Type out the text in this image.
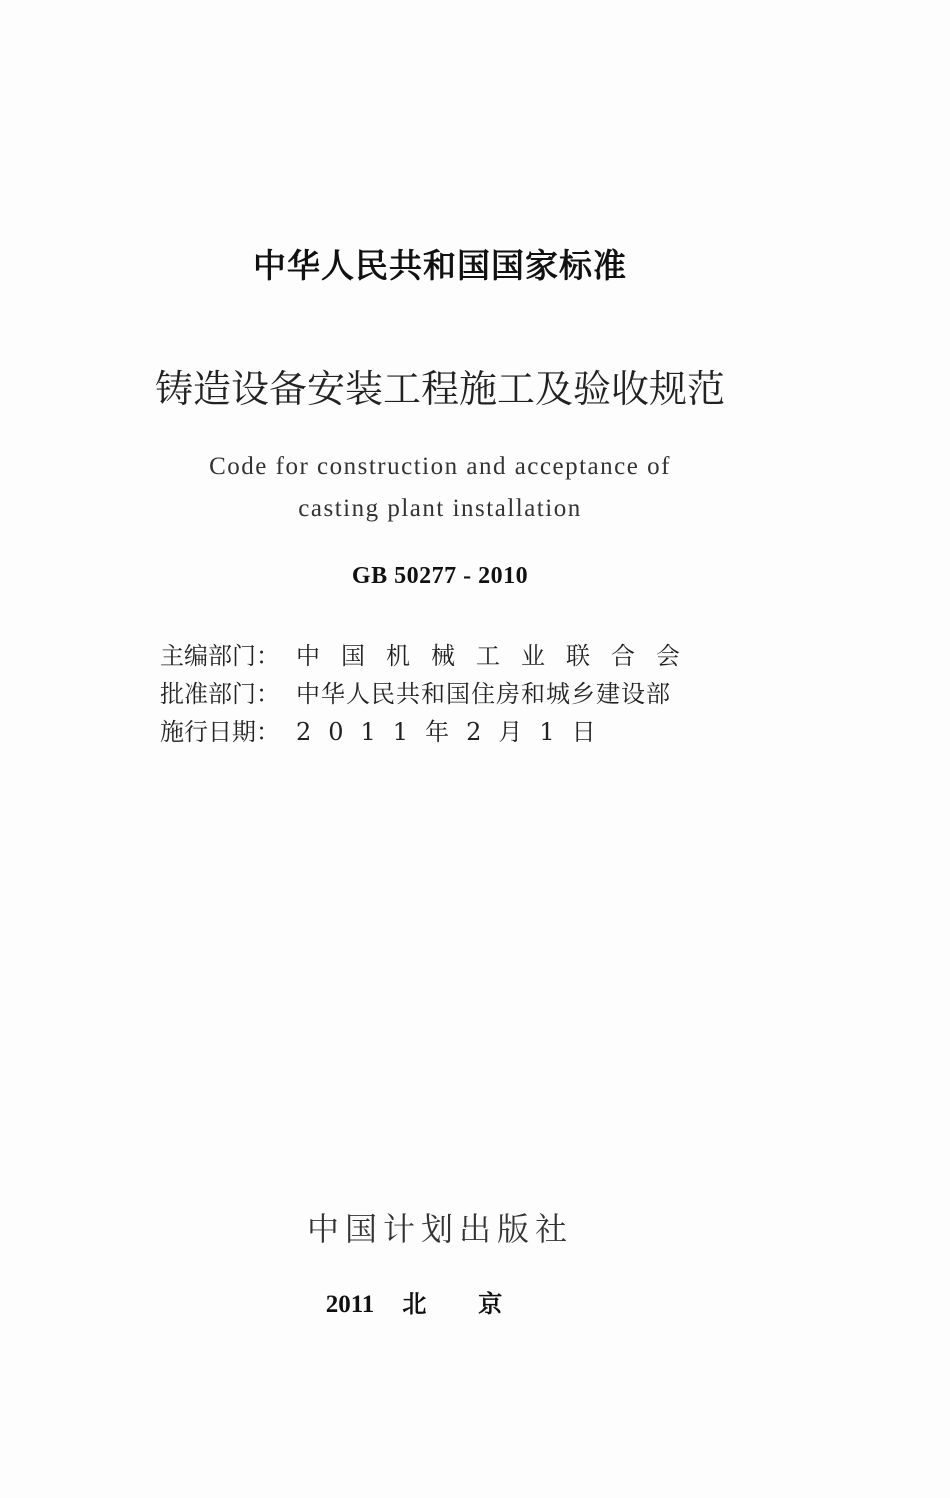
中华人民共和国国家标准
铸造设备安装工程施工及验收规范
Code for construction and acceptance of
casting plant installation
GB 50277 - 2010
主编部门： 中国机械工业联合会
批准部门： 中华人民共和国住房和城乡建设部
施行日期： 2011年2月1日
中国计划出版社
2011 北京
